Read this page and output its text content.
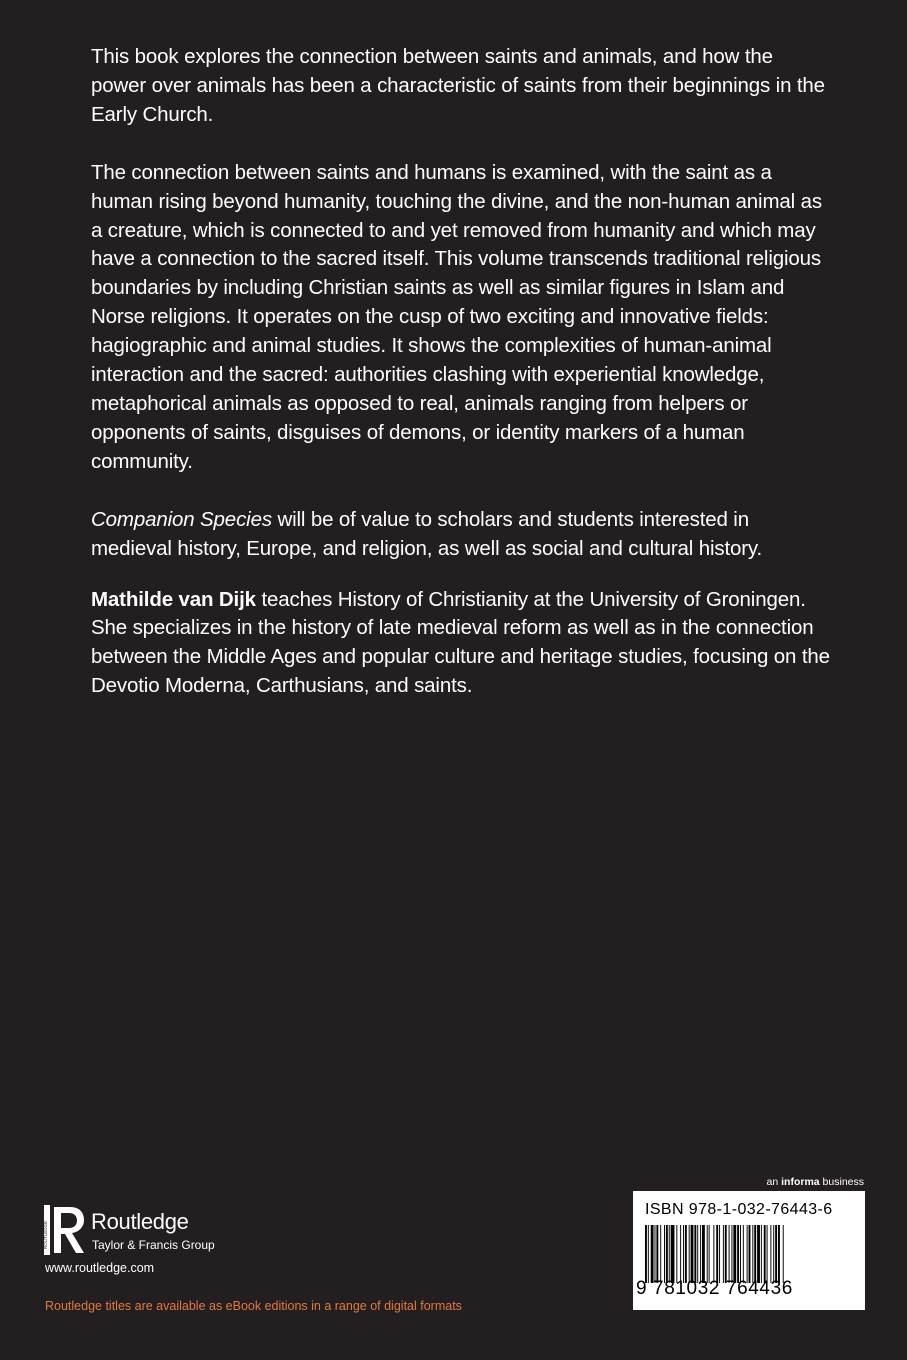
This book explores the connection between saints and animals, and how the power over animals has been a characteristic of saints from their beginnings in the Early Church.

The connection between saints and humans is examined, with the saint as a human rising beyond humanity, touching the divine, and the non-human animal as a creature, which is connected to and yet removed from humanity and which may have a connection to the sacred itself. This volume transcends traditional religious boundaries by including Christian saints as well as similar figures in Islam and Norse religions. It operates on the cusp of two exciting and innovative fields: hagiographic and animal studies. It shows the complexities of human-animal interaction and the sacred: authorities clashing with experiential knowledge, metaphorical animals as opposed to real, animals ranging from helpers or opponents of saints, disguises of demons, or identity markers of a human community.

Companion Species will be of value to scholars and students interested in medieval history, Europe, and religion, as well as social and cultural history.

Mathilde van Dijk teaches History of Christianity at the University of Groningen. She specializes in the history of late medieval reform as well as in the connection between the Middle Ages and popular culture and heritage studies, focusing on the Devotio Moderna, Carthusians, and saints.

an informa business
ISBN 978-1-032-76443-6
9 781032 764436
ROUTLEDGE Routledge
Taylor & Francis Group
www.routledge.com
Routledge titles are available as eBook editions in a range of digital formats
